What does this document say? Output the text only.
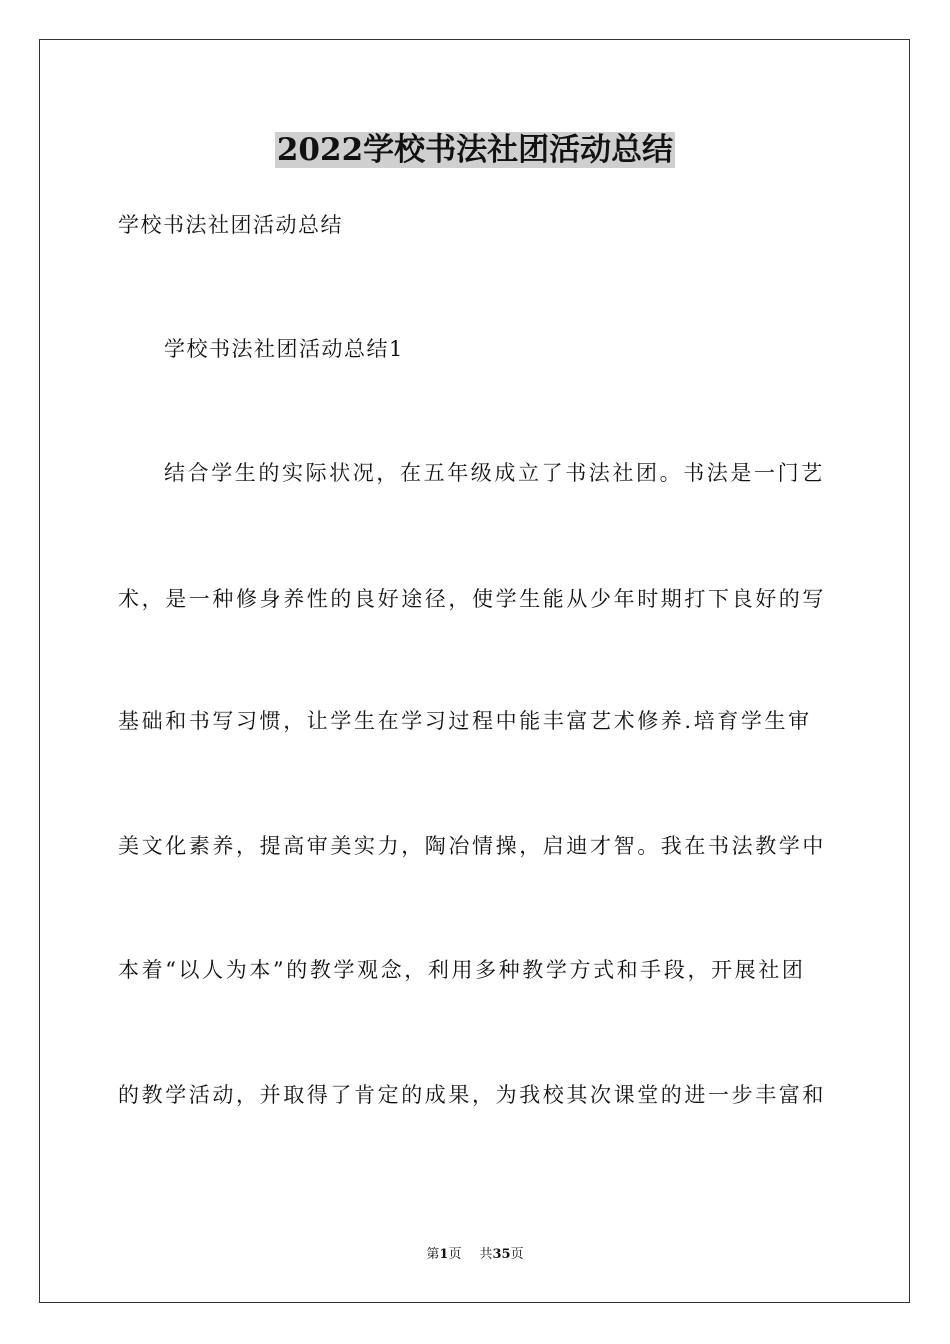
2022学校书法社团活动总结
学校书法社团活动总结
学校书法社团活动总结1
结合学生的实际状况，在五年级成立了书法社团。书法是一门艺
术，是一种修身养性的良好途径，使学生能从少年时期打下良好的写
基础和书写习惯，让学生在学习过程中能丰富艺术修养.培育学生审
美文化素养，提高审美实力，陶冶情操，启迪才智。我在书法教学中
本着“以人为本”的教学观念，利用多种教学方式和手段，开展社团
的教学活动，并取得了肯定的成果，为我校其次课堂的进一步丰富和
第1页 共35页
